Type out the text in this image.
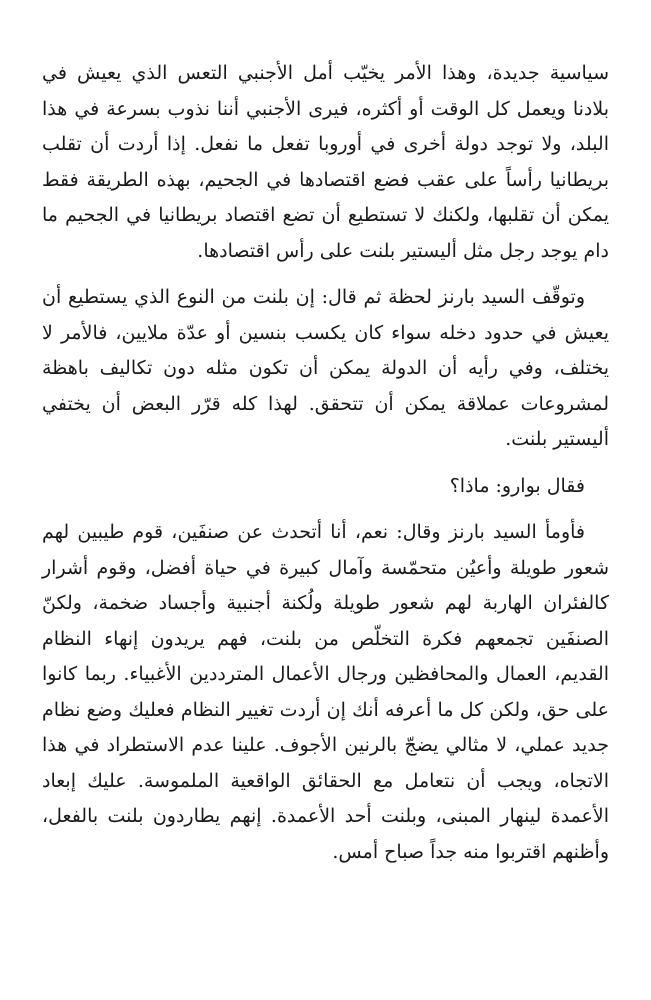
سياسية جديدة، وهذا الأمر يخيّب أمل الأجنبي التعس الذي يعيش في بلادنا ويعمل كل الوقت أو أكثره، فيرى الأجنبي أننا نذوب بسرعة في هذا البلد، ولا توجد دولة أخرى في أوروبا تفعل ما نفعل. إذا أردت أن تقلب بريطانيا رأساً على عقب فضع اقتصادها في الجحيم، بهذه الطريقة فقط يمكن أن تقلبها، ولكنك لا تستطيع أن تضع اقتصاد بريطانيا في الجحيم ما دام يوجد رجل مثل أليستير بلنت على رأس اقتصادها.

وتوقّف السيد بارنز لحظة ثم قال: إن بلنت من النوع الذي يستطيع أن يعيش في حدود دخله سواء كان يكسب بنسين أو عدّة ملايين، فالأمر لا يختلف، وفي رأيه أن الدولة يمكن أن تكون مثله دون تكاليف باهظة لمشروعات عملاقة يمكن أن تتحقق. لهذا كله قرّر البعض أن يختفي أليستير بلنت.

فقال بوارو: ماذا؟

فأومأ السيد بارنز وقال: نعم، أنا أتحدث عن صنفَين، قوم طيبين لهم شعور طويلة وأعيُن متحمّسة وآمال كبيرة في حياة أفضل، وقوم أشرار كالفئران الهاربة لهم شعور طويلة ولُكنة أجنبية وأجساد ضخمة، ولكنّ الصنفَين تجمعهم فكرة التخلّص من بلنت، فهم يريدون إنهاء النظام القديم، العمال والمحافظين ورجال الأعمال المترددين الأغبياء. ربما كانوا على حق، ولكن كل ما أعرفه أنك إن أردت تغيير النظام فعليك وضع نظام جديد عملي، لا مثالي يضجّ بالرنين الأجوف. علينا عدم الاستطراد في هذا الاتجاه، ويجب أن نتعامل مع الحقائق الواقعية الملموسة. عليك إبعاد الأعمدة لينهار المبنى، وبلنت أحد الأعمدة. إنهم يطاردون بلنت بالفعل، وأظنهم اقتربوا منه جداً صباح أمس.
